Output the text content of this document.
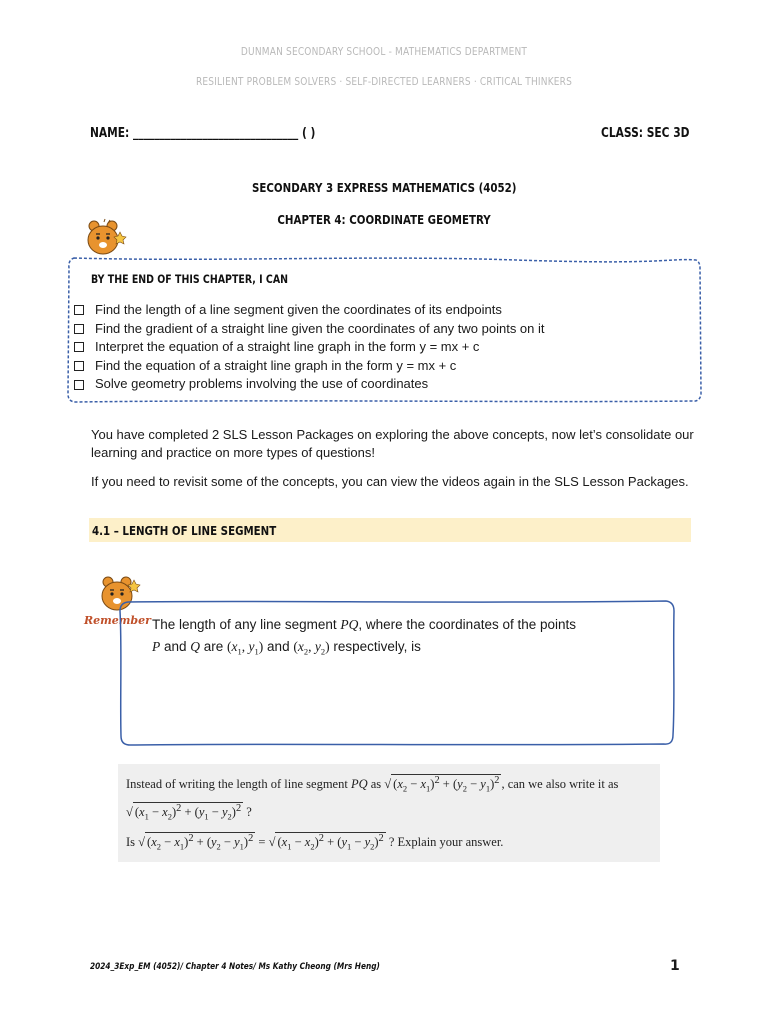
DUNMAN SECONDARY SCHOOL - MATHEMATICS DEPARTMENT
RESILIENT PROBLEM SOLVERS · SELF-DIRECTED LEARNERS · CRITICAL THINKERS
NAME: _______________________________ ( )	CLASS: SEC 3D
SECONDARY 3 EXPRESS MATHEMATICS (4052)
CHAPTER 4: COORDINATE GEOMETRY
BY THE END OF THIS CHAPTER, I CAN
Find the length of a line segment given the coordinates of its endpoints
Find the gradient of a straight line given the coordinates of any two points on it
Interpret the equation of a straight line graph in the form y = mx + c
Find the equation of a straight line graph in the form y = mx + c
Solve geometry problems involving the use of coordinates

You have completed 2 SLS Lesson Packages on exploring the above concepts, now let’s consolidate our learning and practice on more types of questions!

If you need to revisit some of the concepts, you can view the videos again in the SLS Lesson Packages.

4.1 – LENGTH OF LINE SEGMENT
Remember The length of any line segment PQ, where the coordinates of the points
P and Q are ($x_1$, $y_1$) and ($x_2$, $y_2$) respectively, is
Instead of writing the length of line segment PQ as √ $(x_2 - x_1)^2 + (y_2 - y_1)^2$ , can we also write it as
√ $(x_1 - x_2)^2 + (y_1 - y_2)^2$ ?
Is √ $(x_2 - x_1)^2 + (y_2 - y_1)^2$ = √ $(x_1 - x_2)^2 + (y_1 - y_2)^2$ ? Explain your answer.
2024_3Exp_EM (4052)/ Chapter 4 Notes/ Ms Kathy Cheong (Mrs Heng)	1
